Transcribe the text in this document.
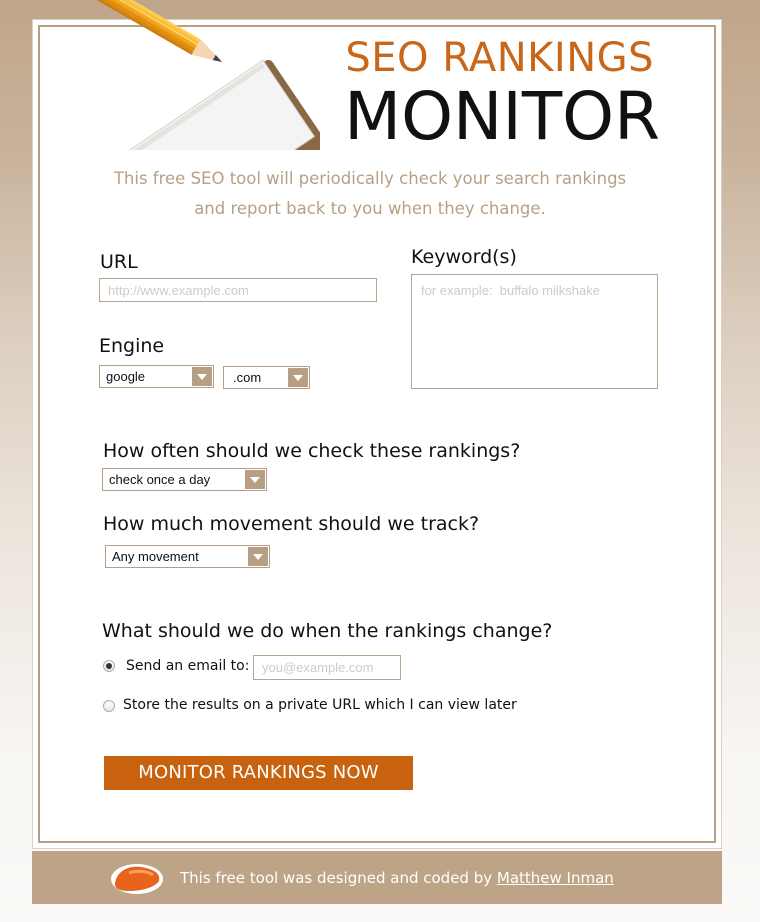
SEO RANKINGS
MONITOR
This free SEO tool will periodically check your search rankings
and report back to you when they change.
URL
http://www.example.com	Keyword(s)
for example: buffalo milkshake
Engine
google	.com
How often should we check these rankings?
check once a day
How much movement should we track?
Any movement
What should we do when the rankings change?
Send an email to:
you@example.com
Store the results on a private URL which I can view later
MONITOR RANKINGS NOW
This free tool was designed and coded by Matthew Inman
